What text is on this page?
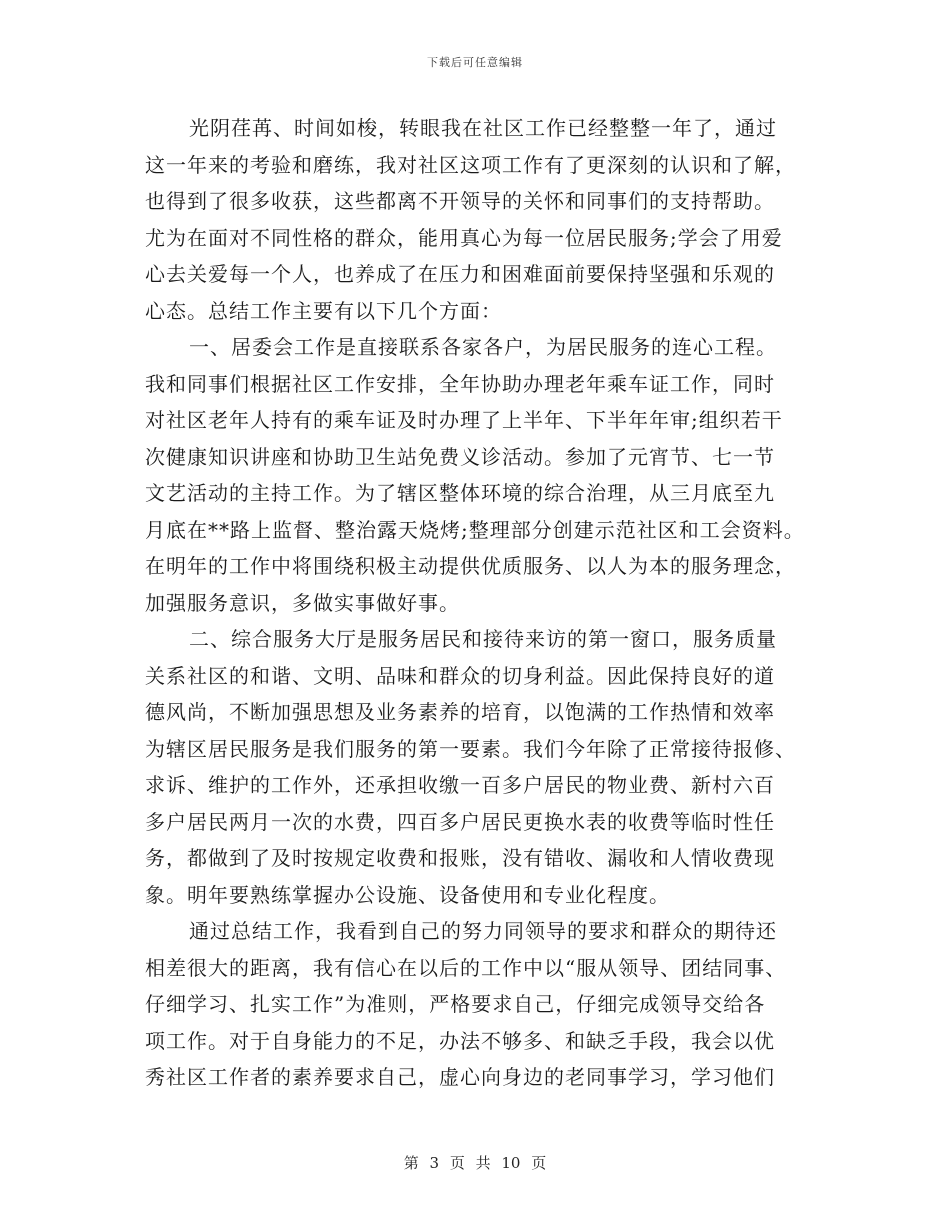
下载后可任意编辑
光阴荏苒、时间如梭，转眼我在社区工作已经整整一年了，通过
这一年来的考验和磨练，我对社区这项工作有了更深刻的认识和了解，
也得到了很多收获，这些都离不开领导的关怀和同事们的支持帮助。
尤为在面对不同性格的群众，能用真心为每一位居民服务;学会了用爱
心去关爱每一个人，也养成了在压力和困难面前要保持坚强和乐观的
心态。总结工作主要有以下几个方面：
一、居委会工作是直接联系各家各户，为居民服务的连心工程。
我和同事们根据社区工作安排，全年协助办理老年乘车证工作，同时
对社区老年人持有的乘车证及时办理了上半年、下半年年审;组织若干
次健康知识讲座和协助卫生站免费义诊活动。参加了元宵节、七一节
文艺活动的主持工作。为了辖区整体环境的综合治理，从三月底至九
月底在**路上监督、整治露天烧烤;整理部分创建示范社区和工会资料。
在明年的工作中将围绕积极主动提供优质服务、以人为本的服务理念，
加强服务意识，多做实事做好事。
二、综合服务大厅是服务居民和接待来访的第一窗口，服务质量
关系社区的和谐、文明、品味和群众的切身利益。因此保持良好的道
德风尚，不断加强思想及业务素养的培育，以饱满的工作热情和效率
为辖区居民服务是我们服务的第一要素。我们今年除了正常接待报修、
求诉、维护的工作外，还承担收缴一百多户居民的物业费、新村六百
多户居民两月一次的水费，四百多户居民更换水表的收费等临时性任
务，都做到了及时按规定收费和报账，没有错收、漏收和人情收费现
象。明年要熟练掌握办公设施、设备使用和专业化程度。
通过总结工作，我看到自己的努力同领导的要求和群众的期待还
相差很大的距离，我有信心在以后的工作中以“服从领导、团结同事、
仔细学习、扎实工作”为准则，严格要求自己，仔细完成领导交给各
项工作。对于自身能力的不足，办法不够多、和缺乏手段，我会以优
秀社区工作者的素养要求自己，虚心向身边的老同事学习，学习他们
第 3 页 共 10 页
